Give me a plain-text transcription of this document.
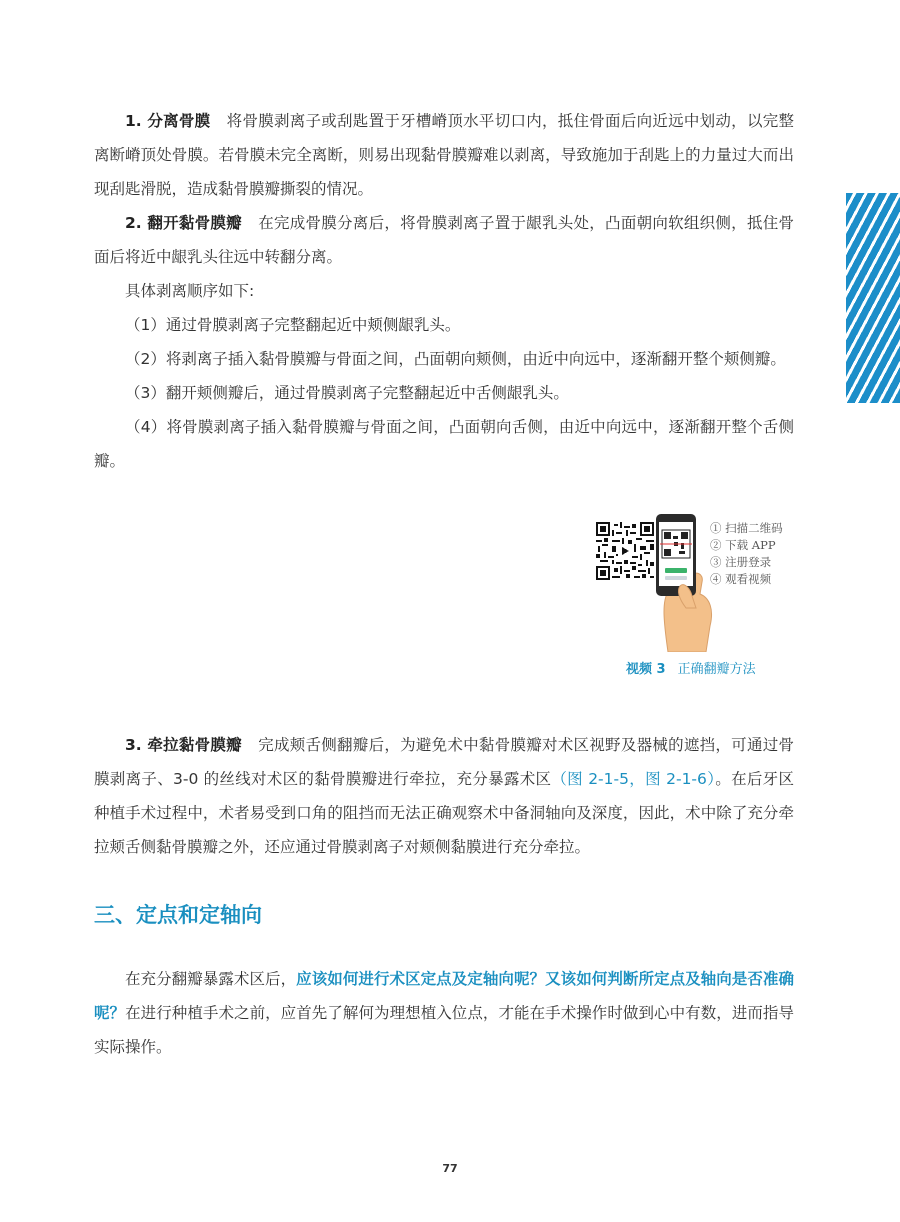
1. 分离骨膜 将骨膜剥离子或刮匙置于牙槽嵴顶水平切口内，抵住骨面后向近远中划动，以完整离断嵴顶处骨膜。若骨膜未完全离断，则易出现黏骨膜瓣难以剥离，导致施加于刮匙上的力量过大而出现刮匙滑脱，造成黏骨膜瓣撕裂的情况。

2. 翻开黏骨膜瓣 在完成骨膜分离后，将骨膜剥离子置于龈乳头处，凸面朝向软组织侧，抵住骨面后将近中龈乳头往远中转翻分离。

具体剥离顺序如下:

（1）通过骨膜剥离子完整翻起近中颊侧龈乳头。

（2）将剥离子插入黏骨膜瓣与骨面之间，凸面朝向颊侧，由近中向远中，逐渐翻开整个颊侧瓣。

（3）翻开颊侧瓣后，通过骨膜剥离子完整翻起近中舌侧龈乳头。

（4）将骨膜剥离子插入黏骨膜瓣与骨面之间，凸面朝向舌侧，由近中向远中，逐渐翻开整个舌侧瓣。

① 扫描二维码
② 下载 APP
③ 注册登录
④ 观看视频
视频 3 正确翻瓣方法

3. 牵拉黏骨膜瓣 完成颊舌侧翻瓣后，为避免术中黏骨膜瓣对术区视野及器械的遮挡，可通过骨膜剥离子、3-0 的丝线对术区的黏骨膜瓣进行牵拉，充分暴露术区（图 2-1-5，图 2-1-6）。在后牙区种植手术过程中，术者易受到口角的阻挡而无法正确观察术中备洞轴向及深度，因此，术中除了充分牵拉颊舌侧黏骨膜瓣之外，还应通过骨膜剥离子对颊侧黏膜进行充分牵拉。

三、定点和定轴向

在充分翻瓣暴露术区后，应该如何进行术区定点及定轴向呢？又该如何判断所定点及轴向是否准确呢？在进行种植手术之前，应首先了解何为理想植入位点，才能在手术操作时做到心中有数，进而指导实际操作。

77
